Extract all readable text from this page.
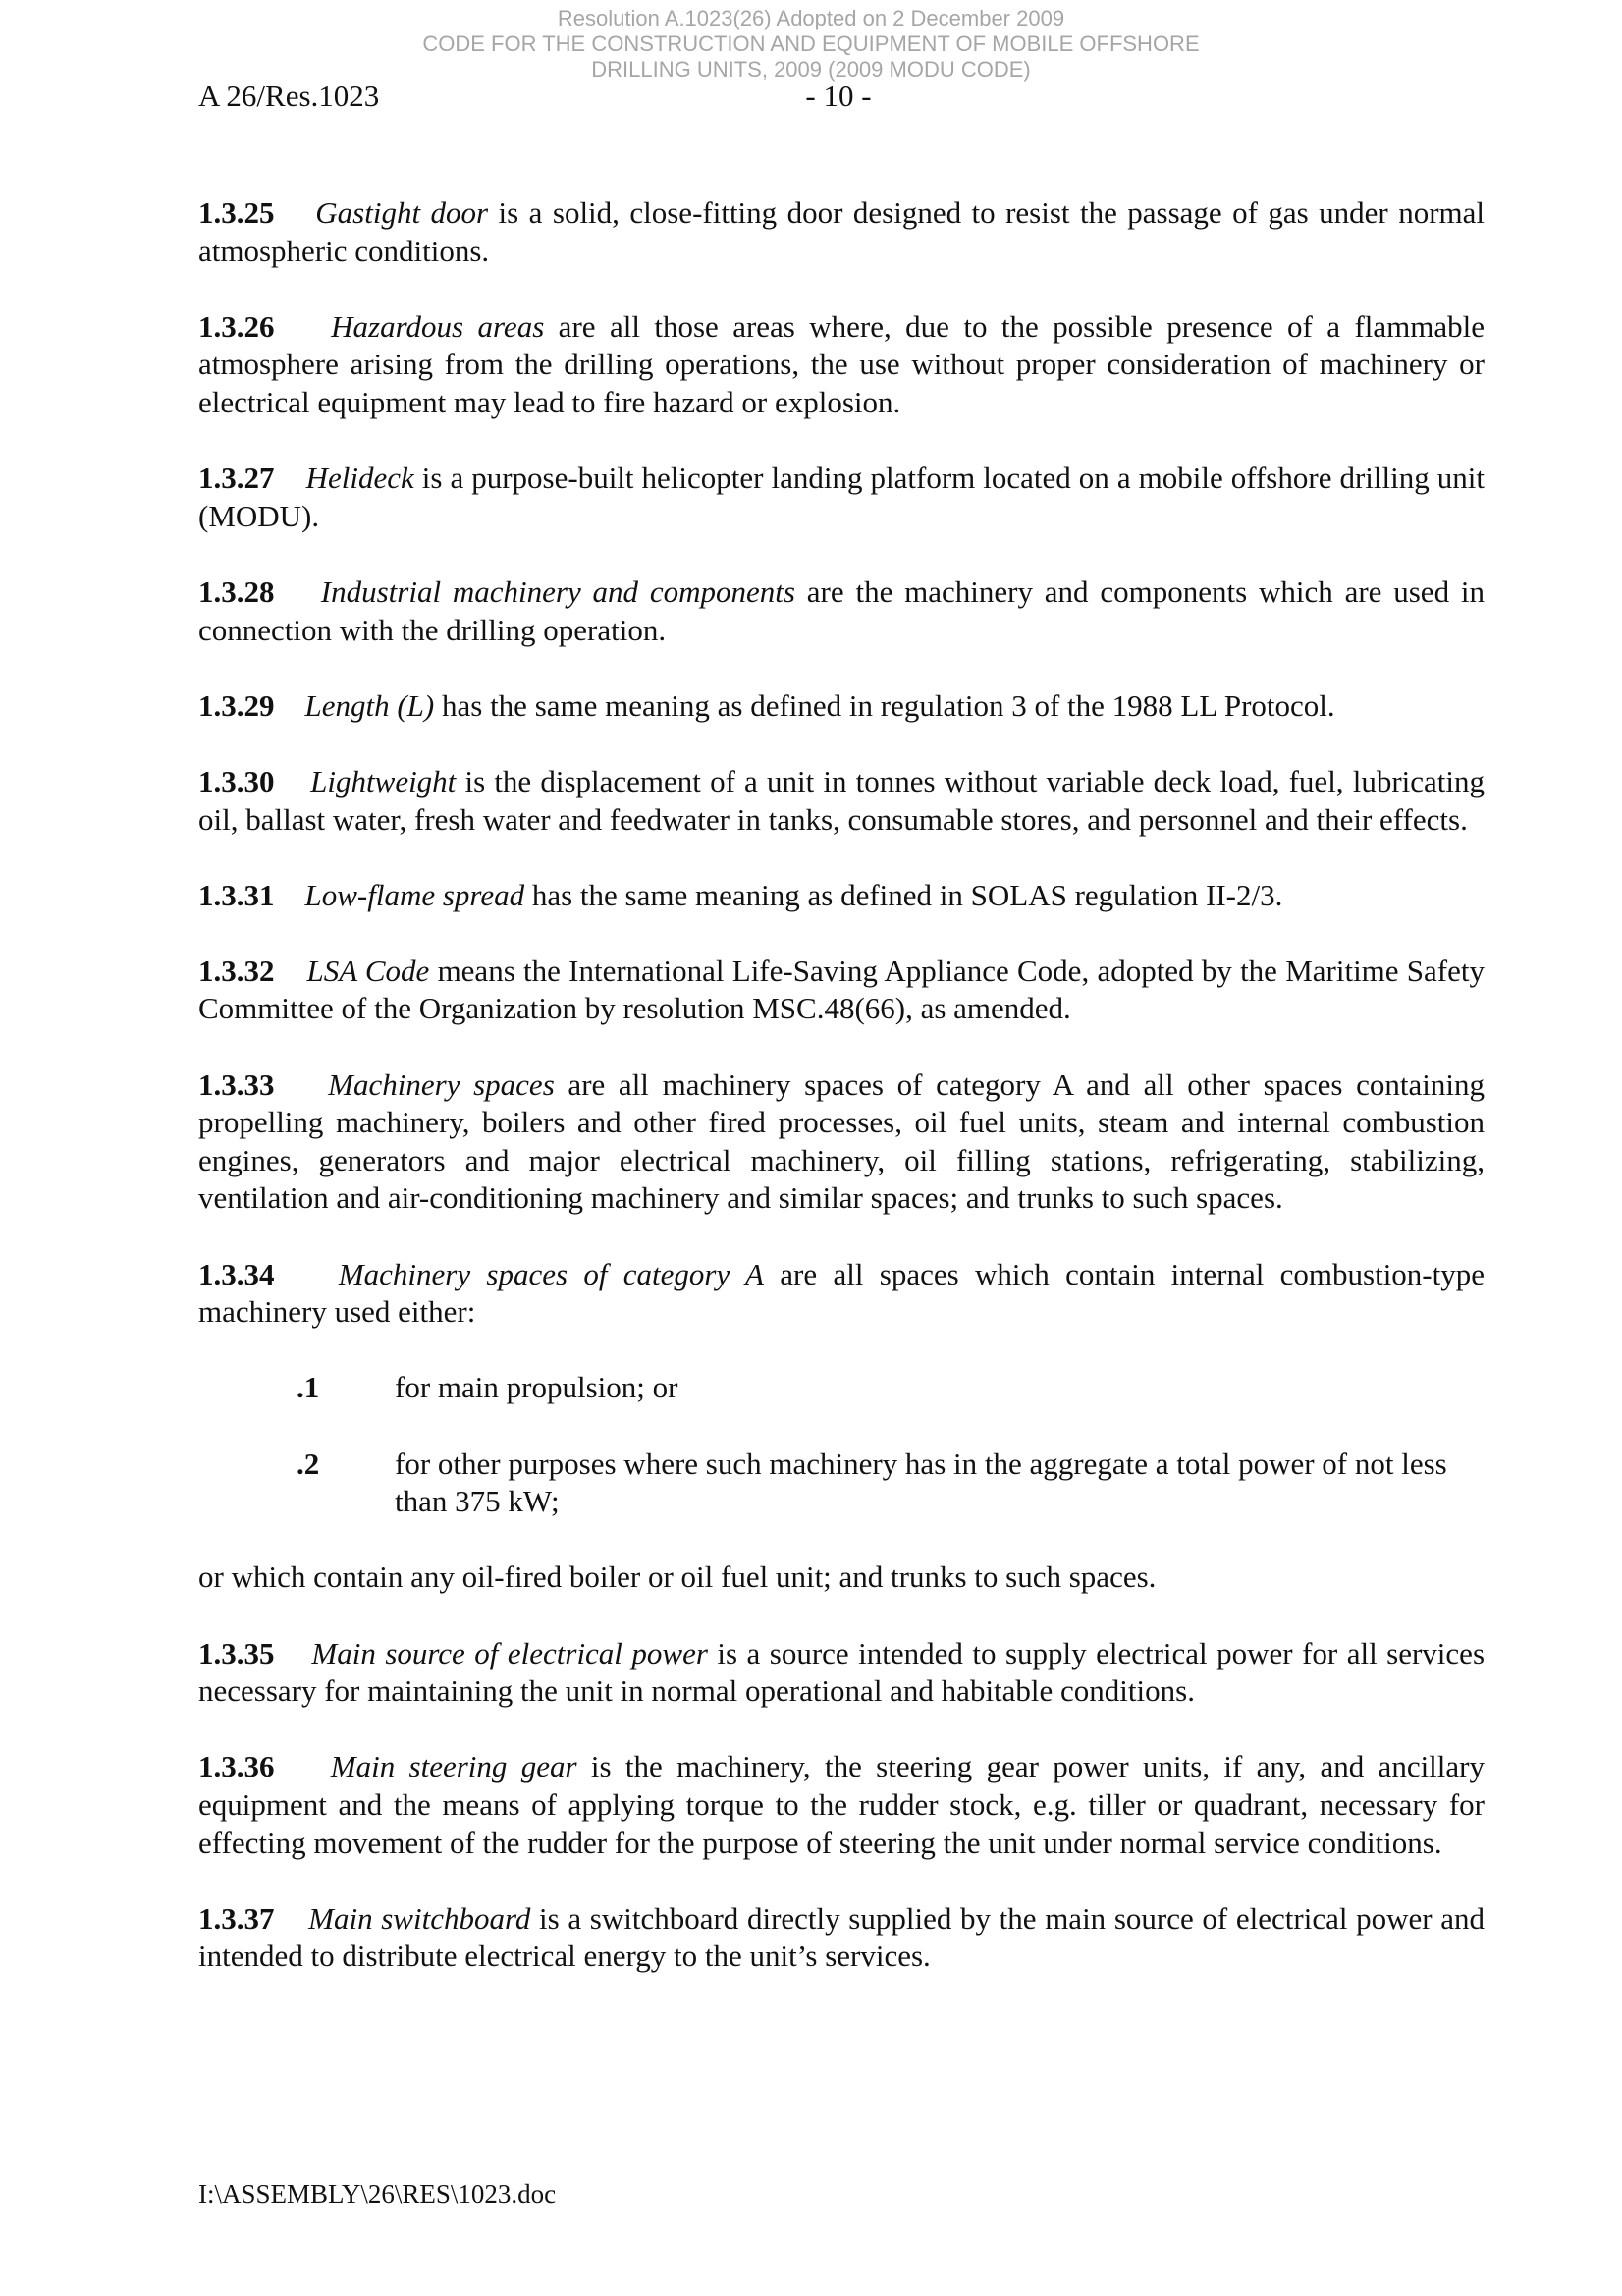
Resolution A.1023(26) Adopted on 2 December 2009
CODE FOR THE CONSTRUCTION AND EQUIPMENT OF MOBILE OFFSHORE
DRILLING UNITS, 2009 (2009 MODU CODE)
A 26/Res.1023	- 10 -

1.3.25 Gastight door is a solid, close-fitting door designed to resist the passage of gas under normal atmospheric conditions.

1.3.26 Hazardous areas are all those areas where, due to the possible presence of a flammable atmosphere arising from the drilling operations, the use without proper consideration of machinery or electrical equipment may lead to fire hazard or explosion.

1.3.27 Helideck is a purpose-built helicopter landing platform located on a mobile offshore drilling unit (MODU).

1.3.28 Industrial machinery and components are the machinery and components which are used in connection with the drilling operation.

1.3.29 Length (L) has the same meaning as defined in regulation 3 of the 1988 LL Protocol.

1.3.30 Lightweight is the displacement of a unit in tonnes without variable deck load, fuel, lubricating oil, ballast water, fresh water and feedwater in tanks, consumable stores, and personnel and their effects.

1.3.31 Low-flame spread has the same meaning as defined in SOLAS regulation II-2/3.

1.3.32 LSA Code means the International Life-Saving Appliance Code, adopted by the Maritime Safety Committee of the Organization by resolution MSC.48(66), as amended.

1.3.33 Machinery spaces are all machinery spaces of category A and all other spaces containing propelling machinery, boilers and other fired processes, oil fuel units, steam and internal combustion engines, generators and major electrical machinery, oil filling stations, refrigerating, stabilizing, ventilation and air-conditioning machinery and similar spaces; and trunks to such spaces.

1.3.34 Machinery spaces of category A are all spaces which contain internal combustion-type machinery used either:

.1 for main propulsion; or
.2 for other purposes where such machinery has in the aggregate a total power of not less than 375 kW;

or which contain any oil-fired boiler or oil fuel unit; and trunks to such spaces.

1.3.35 Main source of electrical power is a source intended to supply electrical power for all services necessary for maintaining the unit in normal operational and habitable conditions.

1.3.36 Main steering gear is the machinery, the steering gear power units, if any, and ancillary equipment and the means of applying torque to the rudder stock, e.g. tiller or quadrant, necessary for effecting movement of the rudder for the purpose of steering the unit under normal service conditions.

1.3.37 Main switchboard is a switchboard directly supplied by the main source of electrical power and intended to distribute electrical energy to the unit’s services.

I:\ASSEMBLY\26\RES\1023.doc
